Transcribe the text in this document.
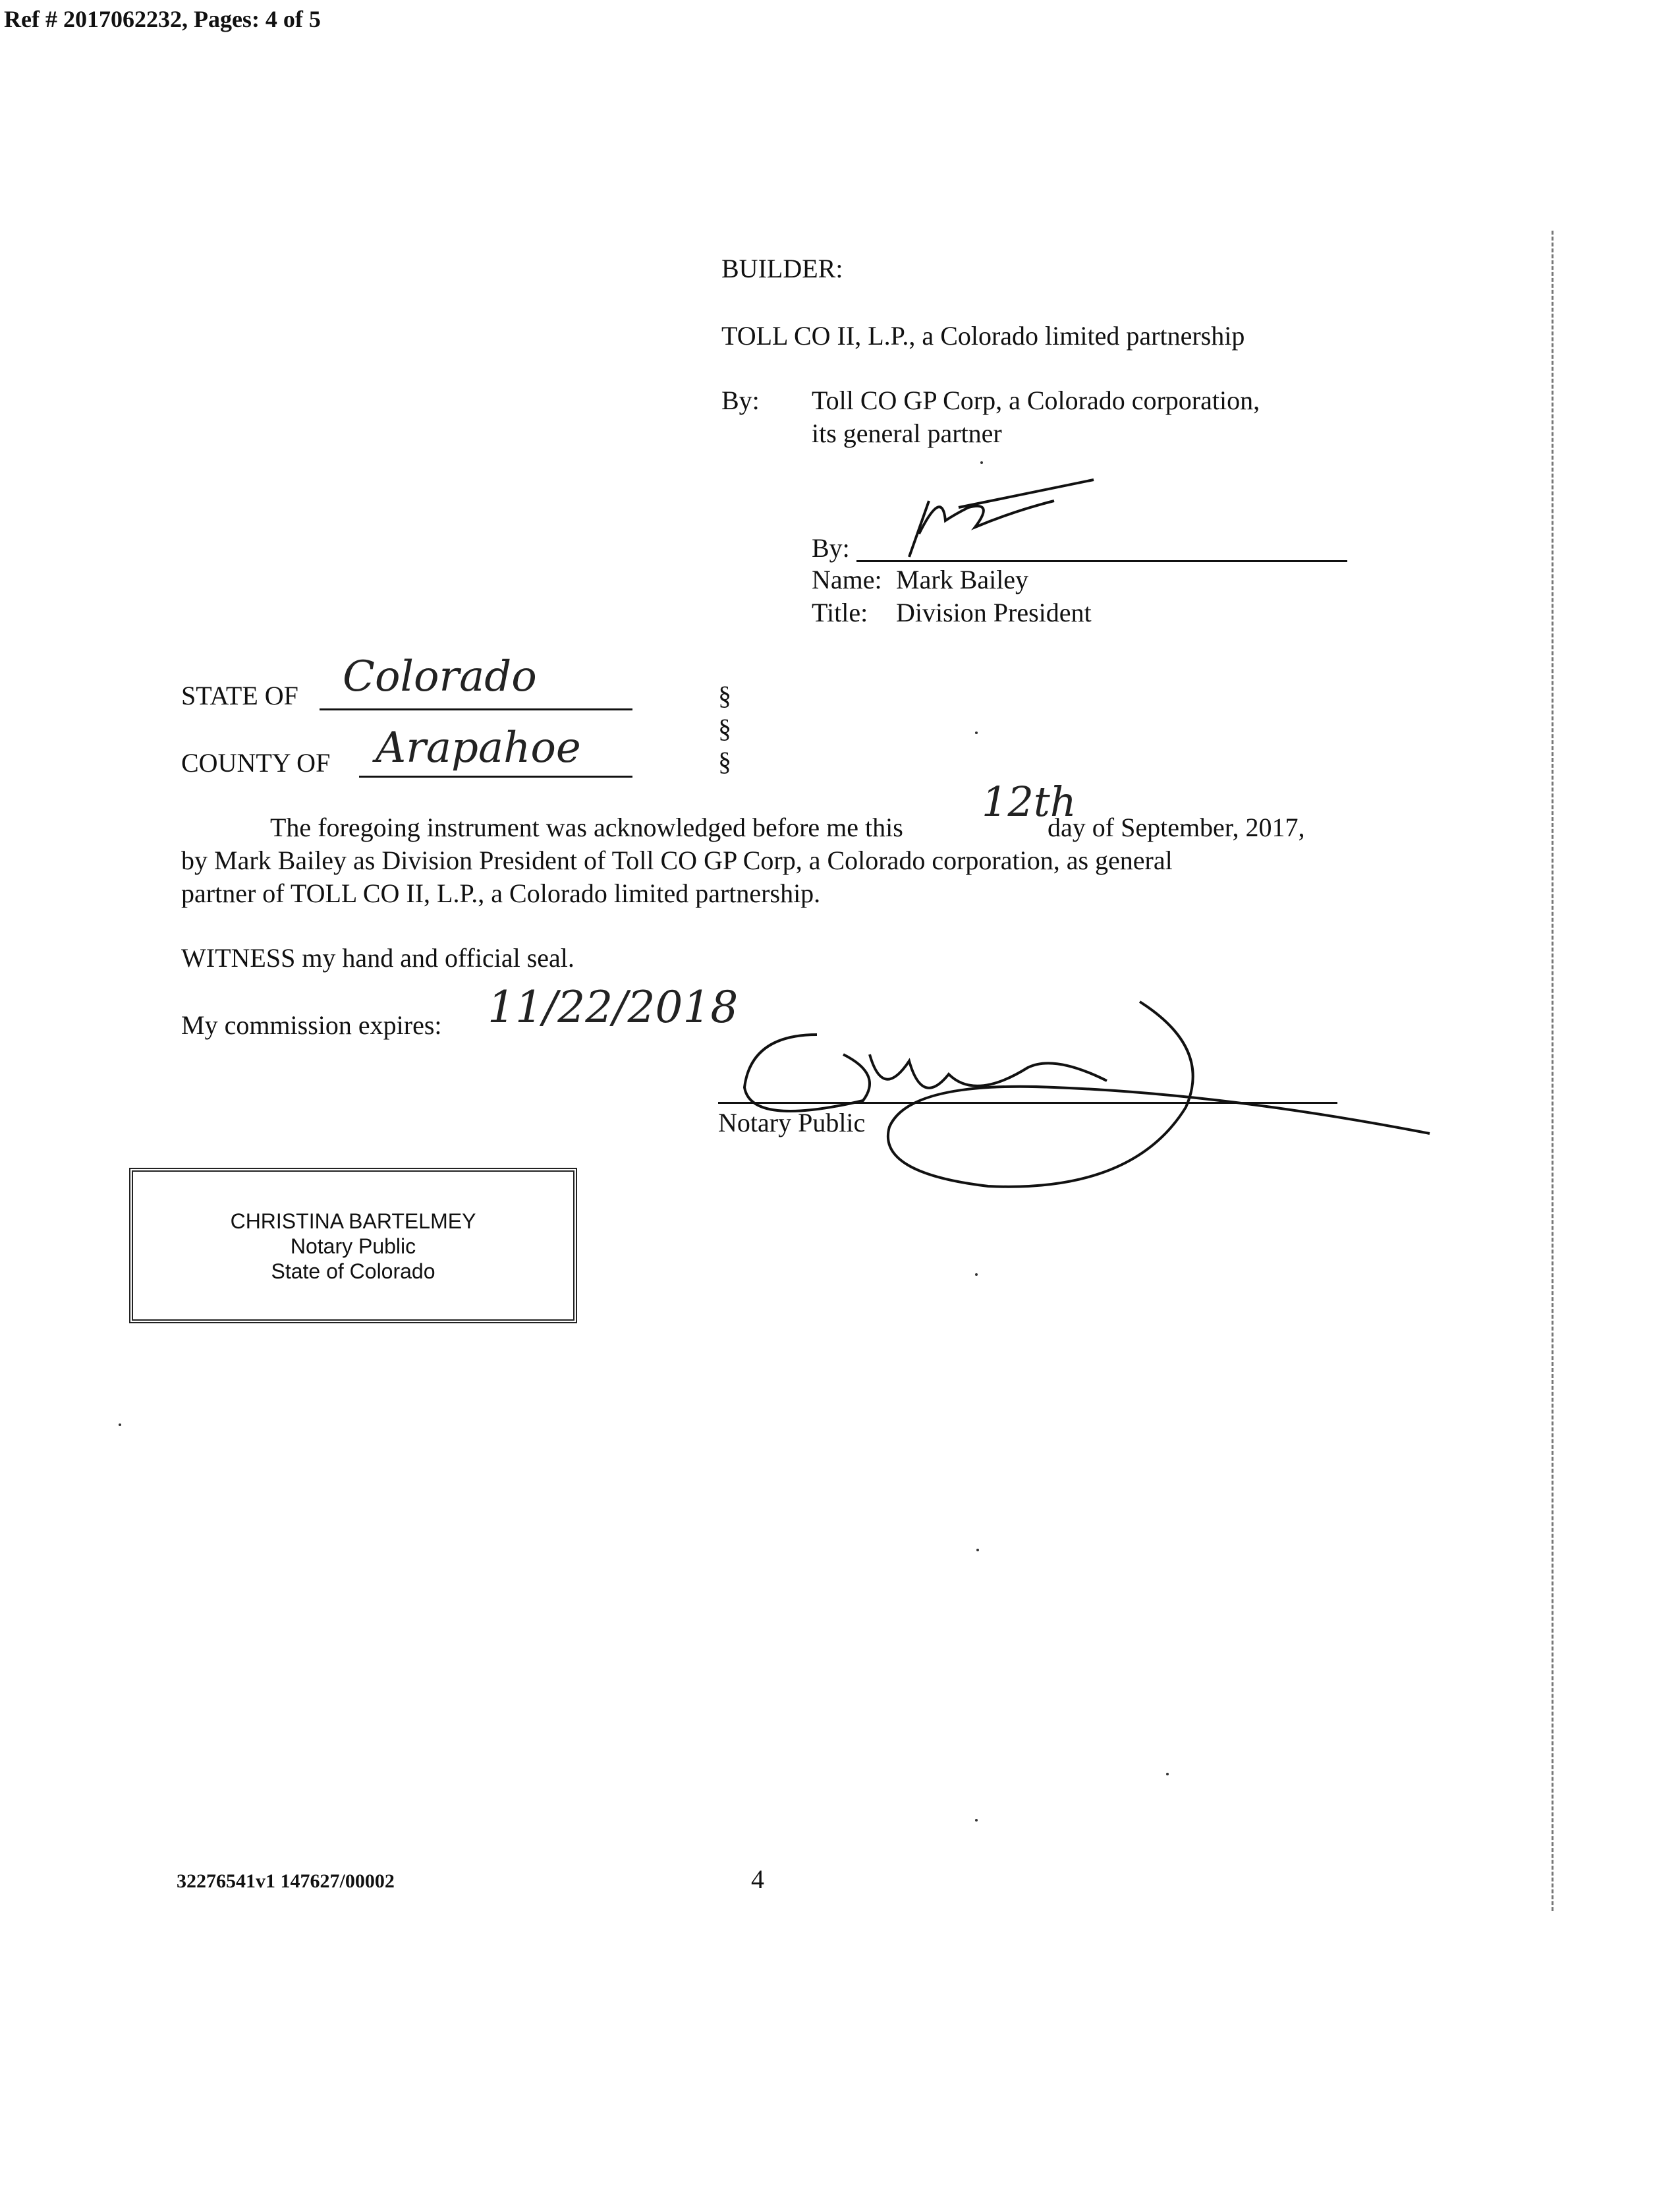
Ref # 2017062232, Pages: 4 of 5
BUILDER:
TOLL CO II, L.P., a Colorado limited partnership
By: Toll CO GP Corp, a Colorado corporation,
its general partner
By:
Name: Mark Bailey
Title: Division President
STATE OF Colorado
COUNTY OF Arapahoe
§
§
§
The foregoing instrument was acknowledged before me this
12th
day of September, 2017,
by Mark Bailey as Division President of Toll CO GP Corp, a Colorado corporation, as general
partner of TOLL CO II, L.P., a Colorado limited partnership.
WITNESS my hand and official seal.
My commission expires: 11/22/2018
Notary Public
CHRISTINA BARTELMEY
Notary Public
State of Colorado
32276541v1 147627/00002	4
